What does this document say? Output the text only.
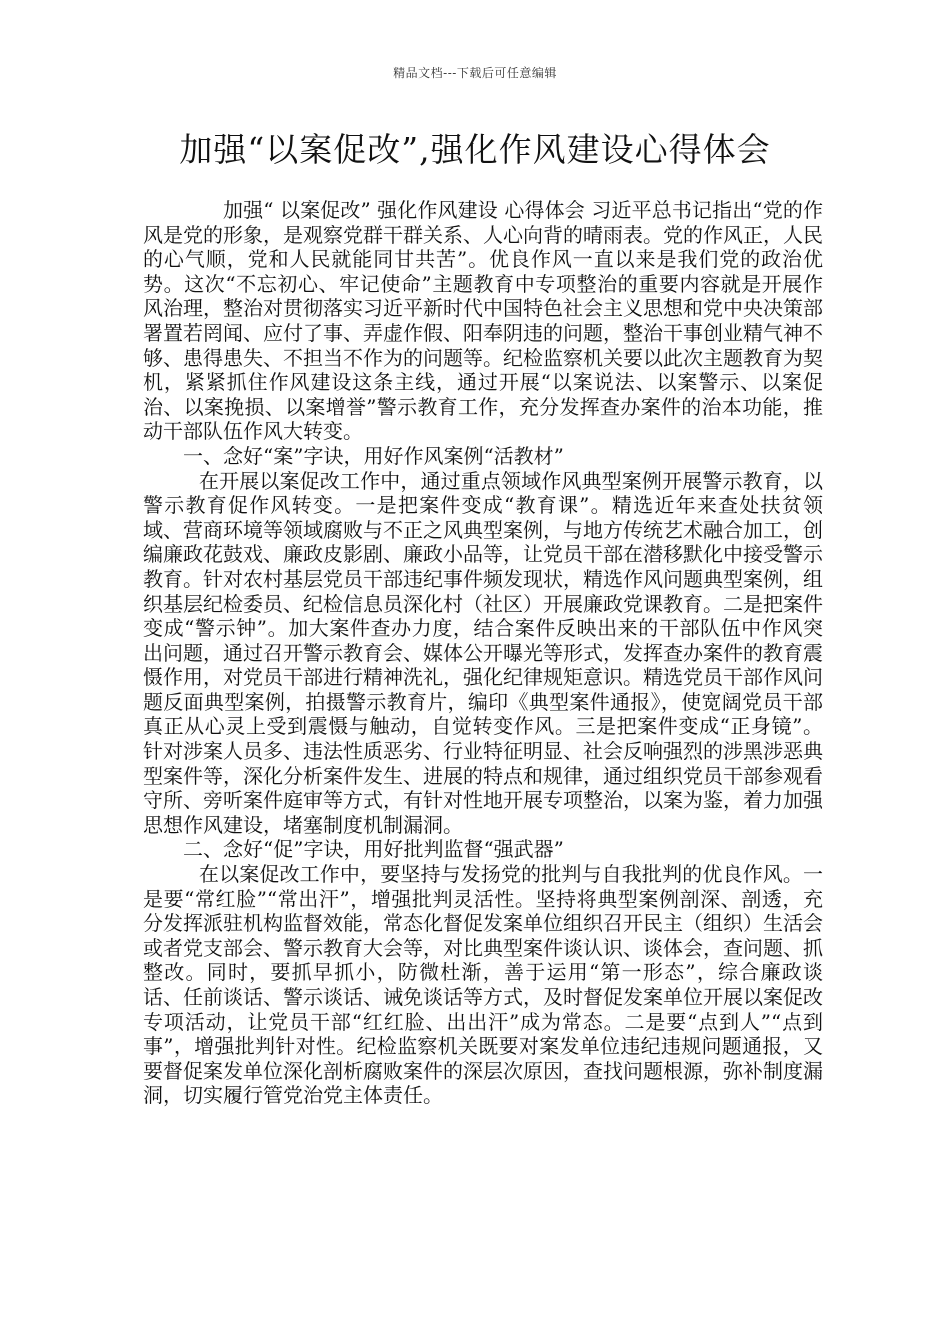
精品文档---下载后可任意编辑
加强“以案促改”,强化作风建设心得体会

加强“ 以案促改” 强化作风建设 心得体会 习近平总书记指出“党的作风是党的形象，是观察党群干群关系、人心向背的晴雨表。党的作风正，人民的心气顺，党和人民就能同甘共苦”。优良作风一直以来是我们党的政治优势。这次“不忘初心、牢记使命”主题教育中专项整治的重要内容就是开展作风治理，整治对贯彻落实习近平新时代中国特色社会主义思想和党中央决策部署置若罔闻、应付了事、弄虚作假、阳奉阴违的问题，整治干事创业精气神不够、患得患失、不担当不作为的问题等。纪检监察机关要以此次主题教育为契机，紧紧抓住作风建设这条主线，通过开展“以案说法、以案警示、以案促治、以案挽损、以案增誉”警示教育工作，充分发挥查办案件的治本功能，推动干部队伍作风大转变。

一、念好“案”字诀，用好作风案例“活教材”

在开展以案促改工作中，通过重点领域作风典型案例开展警示教育，以警示教育促作风转变。一是把案件变成“教育课”。精选近年来查处扶贫领域、营商环境等领域腐败与不正之风典型案例，与地方传统艺术融合加工，创编廉政花鼓戏、廉政皮影剧、廉政小品等，让党员干部在潜移默化中接受警示教育。针对农村基层党员干部违纪事件频发现状，精选作风问题典型案例，组织基层纪检委员、纪检信息员深化村（社区）开展廉政党课教育。二是把案件变成“警示钟”。加大案件查办力度，结合案件反映出来的干部队伍中作风突出问题，通过召开警示教育会、媒体公开曝光等形式，发挥查办案件的教育震慑作用，对党员干部进行精神洗礼，强化纪律规矩意识。精选党员干部作风问题反面典型案例，拍摄警示教育片，编印《典型案件通报》，使宽阔党员干部真正从心灵上受到震慑与触动，自觉转变作风。三是把案件变成“正身镜”。针对涉案人员多、违法性质恶劣、行业特征明显、社会反响强烈的涉黑涉恶典型案件等，深化分析案件发生、进展的特点和规律，通过组织党员干部参观看守所、旁听案件庭审等方式，有针对性地开展专项整治，以案为鉴，着力加强思想作风建设，堵塞制度机制漏洞。

二、念好“促”字诀，用好批判监督“强武器”

在以案促改工作中，要坚持与发扬党的批判与自我批判的优良作风。一是要“常红脸”“常出汗”，增强批判灵活性。坚持将典型案例剖深、剖透，充分发挥派驻机构监督效能，常态化督促发案单位组织召开民主（组织）生活会或者党支部会、警示教育大会等，对比典型案件谈认识、谈体会，查问题、抓整改。同时，要抓早抓小，防微杜渐，善于运用“第一形态”，综合廉政谈话、任前谈话、警示谈话、诫免谈话等方式，及时督促发案单位开展以案促改专项活动，让党员干部“红红脸、出出汗”成为常态。二是要“点到人”“点到事”，增强批判针对性。纪检监察机关既要对案发单位违纪违规问题通报，又要督促案发单位深化剖析腐败案件的深层次原因，查找问题根源，弥补制度漏洞，切实履行管党治党主体责任。
